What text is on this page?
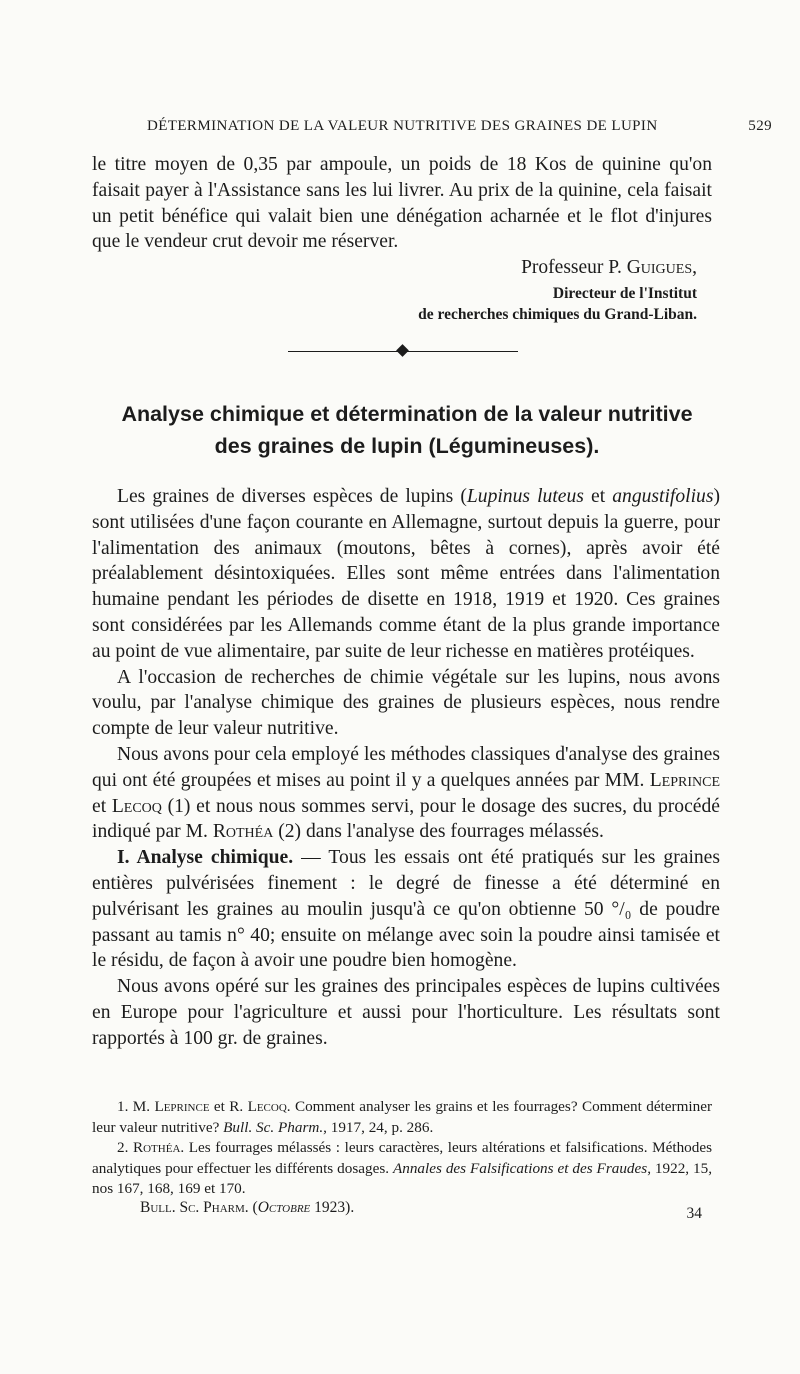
DÉTERMINATION DE LA VALEUR NUTRITIVE DES GRAINES DE LUPIN	529

le titre moyen de 0,35 par ampoule, un poids de 18 Kos de quinine qu'on faisait payer à l'Assistance sans les lui livrer. Au prix de la quinine, cela faisait un petit bénéfice qui valait bien une dénégation acharnée et le flot d'injures que le vendeur crut devoir me réserver.

Professeur P. Guigues,
Directeur de l'Institut
de recherches chimiques du Grand-Liban.
Analyse chimique et détermination de la valeur nutritive
des graines de lupin (Légumineuses).

Les graines de diverses espèces de lupins (Lupinus luteus et angustifolius) sont utilisées d'une façon courante en Allemagne, surtout depuis la guerre, pour l'alimentation des animaux (moutons, bêtes à cornes), après avoir été préalablement désintoxiquées. Elles sont même entrées dans l'alimentation humaine pendant les périodes de disette en 1918, 1919 et 1920. Ces graines sont considérées par les Allemands comme étant de la plus grande importance au point de vue alimentaire, par suite de leur richesse en matières protéiques.

A l'occasion de recherches de chimie végétale sur les lupins, nous avons voulu, par l'analyse chimique des graines de plusieurs espèces, nous rendre compte de leur valeur nutritive.

Nous avons pour cela employé les méthodes classiques d'analyse des graines qui ont été groupées et mises au point il y a quelques années par MM. Leprince et Lecoq (1) et nous nous sommes servi, pour le dosage des sucres, du procédé indiqué par M. Rothéa (2) dans l'analyse des fourrages mélassés.

I. Analyse chimique. — Tous les essais ont été pratiqués sur les graines entières pulvérisées finement : le degré de finesse a été déterminé en pulvérisant les graines au moulin jusqu'à ce qu'on obtienne 50 °/₀ de poudre passant au tamis n° 40; ensuite on mélange avec soin la poudre ainsi tamisée et le résidu, de façon à avoir une poudre bien homogène.

Nous avons opéré sur les graines des principales espèces de lupins cultivées en Europe pour l'agriculture et aussi pour l'horticulture. Les résultats sont rapportés à 100 gr. de graines.

1. M. Leprince et R. Lecoq. Comment analyser les grains et les fourrages? Comment déterminer leur valeur nutritive? Bull. Sc. Pharm., 1917, 24, p. 286.

2. Rothéa. Les fourrages mélassés : leurs caractères, leurs altérations et falsifications. Méthodes analytiques pour effectuer les différents dosages. Annales des Falsifications et des Fraudes, 1922, 15, nos 167, 168, 169 et 170.

Bull. Sc. Pharm. (Octobre 1923).	34
